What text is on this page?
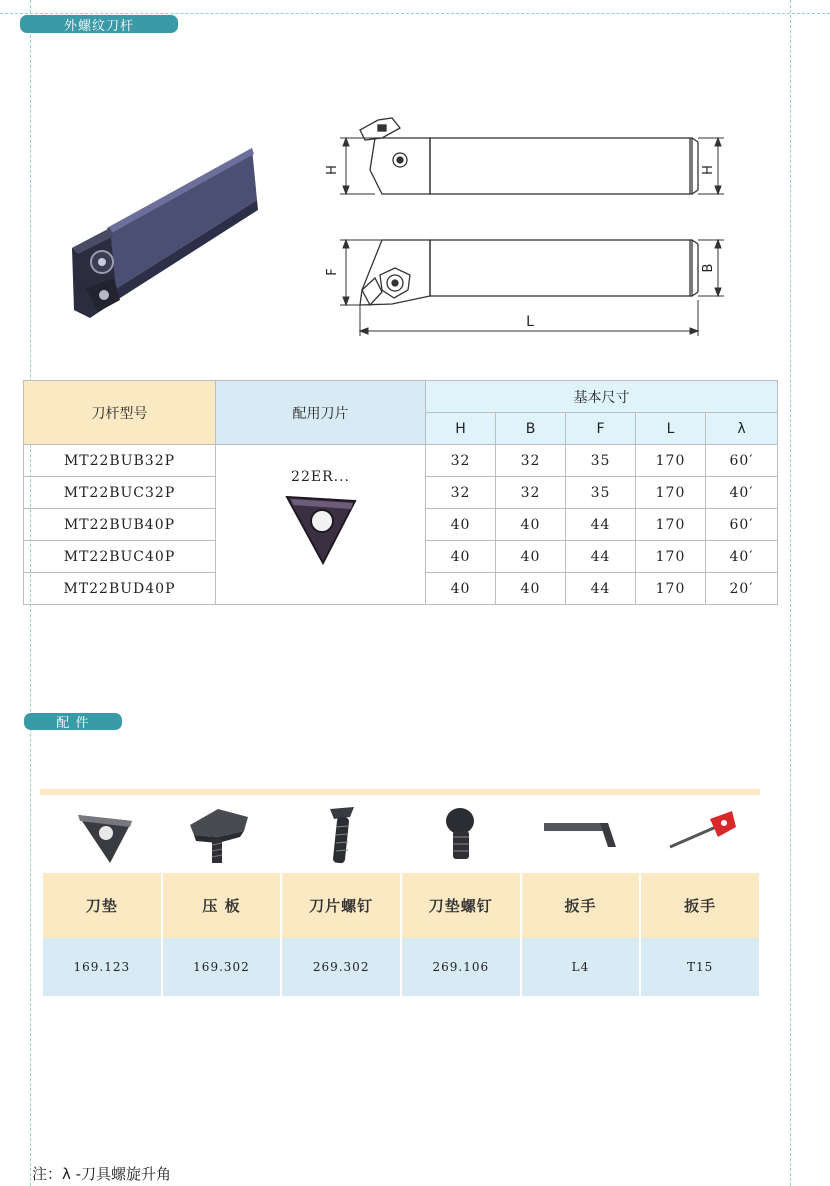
外螺纹刀杆
H	H
F	B
L
刀杆型号	配用刀片	基本尺寸				
		H	B	F	L	λ
MT22BUB32P	22ER...	32	32	35	170	60′
MT22BUC32P		32	32	35	170	40′
MT22BUB40P		40	40	44	170	60′
MT22BUC40P		40	40	44	170	40′
MT22BUD40P		40	40	44	170	20′
配 件
刀垫	压 板	刀片螺钉	刀垫螺钉	扳手	扳手
169.123	169.302	269.302	269.106	L4	T15
注：λ -刀具螺旋升角
